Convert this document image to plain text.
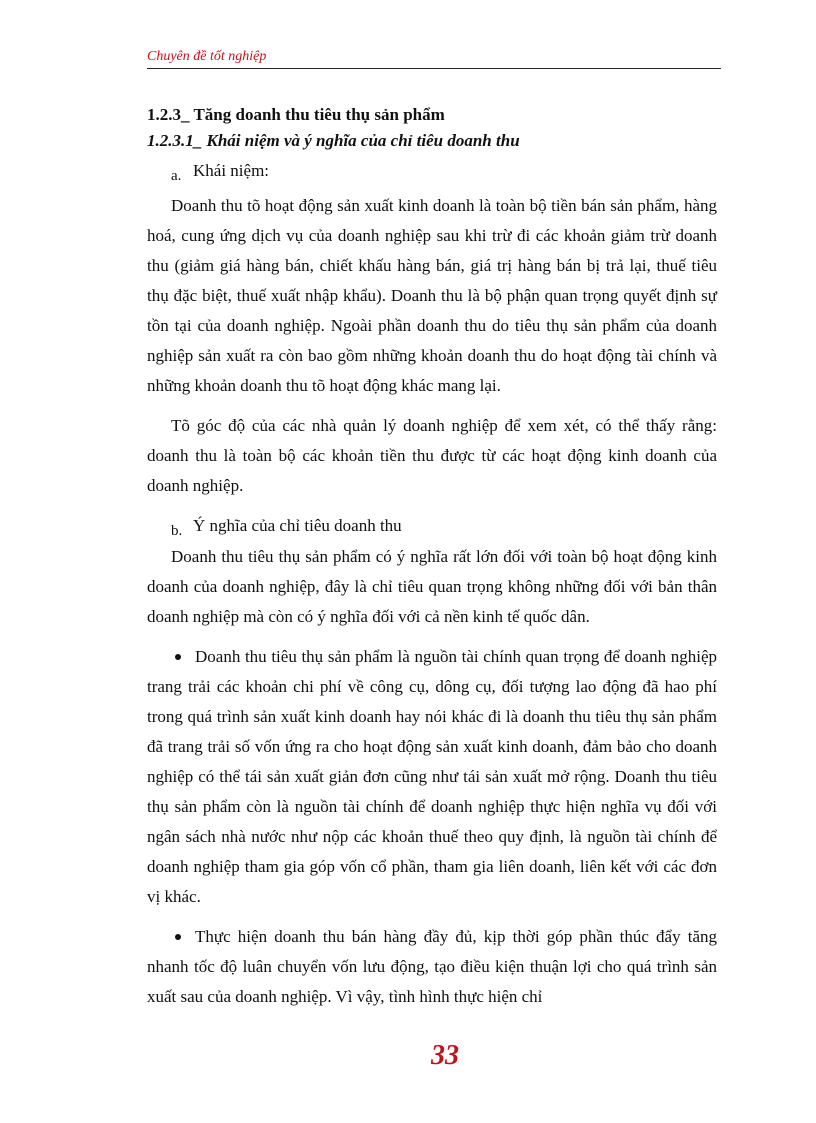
Chuyên đề tốt nghiệp

1.2.3_ Tăng doanh thu tiêu thụ sản phẩm

1.2.3.1_ Khái niệm và ý nghĩa của chỉ tiêu doanh thu

a. Khái niệm:

Doanh thu tõ hoạt động sản xuất kinh doanh là toàn bộ tiền bán sản phẩm, hàng hoá, cung ứng dịch vụ của doanh nghiệp sau khi trừ đi các khoản giảm trừ doanh thu (giảm giá hàng bán, chiết khấu hàng bán, giá trị hàng bán bị trả lại, thuế tiêu thụ đặc biệt, thuế xuất nhập khẩu). Doanh thu là bộ phận quan trọng quyết định sự tồn tại của doanh nghiệp. Ngoài phần doanh thu do tiêu thụ sản phẩm của doanh nghiệp sản xuất ra còn bao gồm những khoản doanh thu do hoạt động tài chính và những khoản doanh thu tõ hoạt động khác mang lại.

Tõ góc độ của các nhà quản lý doanh nghiệp để xem xét, có thể thấy rằng: doanh thu là toàn bộ các khoản tiền thu được từ các hoạt động kinh doanh của doanh nghiệp.

b. Ý nghĩa của chỉ tiêu doanh thu

Doanh thu tiêu thụ sản phẩm có ý nghĩa rất lớn đối với toàn bộ hoạt động kinh doanh của doanh nghiệp, đây là chỉ tiêu quan trọng không những đối với bản thân doanh nghiệp mà còn có ý nghĩa đối với cả nền kinh tế quốc dân.

Doanh thu tiêu thụ sản phẩm là nguồn tài chính quan trọng để doanh nghiệp trang trải các khoản chi phí về công cụ, dông cụ, đối tượng lao động đã hao phí trong quá trình sản xuất kinh doanh hay nói khác đi là doanh thu tiêu thụ sản phẩm đã trang trải số vốn ứng ra cho hoạt động sản xuất kinh doanh, đảm bảo cho doanh nghiệp có thể tái sản xuất giản đơn cũng như tái sản xuất mở rộng. Doanh thu tiêu thụ sản phẩm còn là nguồn tài chính để doanh nghiệp thực hiện nghĩa vụ đối với ngân sách nhà nước như nộp các khoản thuế theo quy định, là nguồn tài chính để doanh nghiệp tham gia góp vốn cổ phần, tham gia liên doanh, liên kết với các đơn vị khác.

Thực hiện doanh thu bán hàng đầy đủ, kịp thời góp phần thúc đẩy tăng nhanh tốc độ luân chuyển vốn lưu động, tạo điều kiện thuận lợi cho quá trình sản xuất sau của doanh nghiệp. Vì vậy, tình hình thực hiện chỉ

33
